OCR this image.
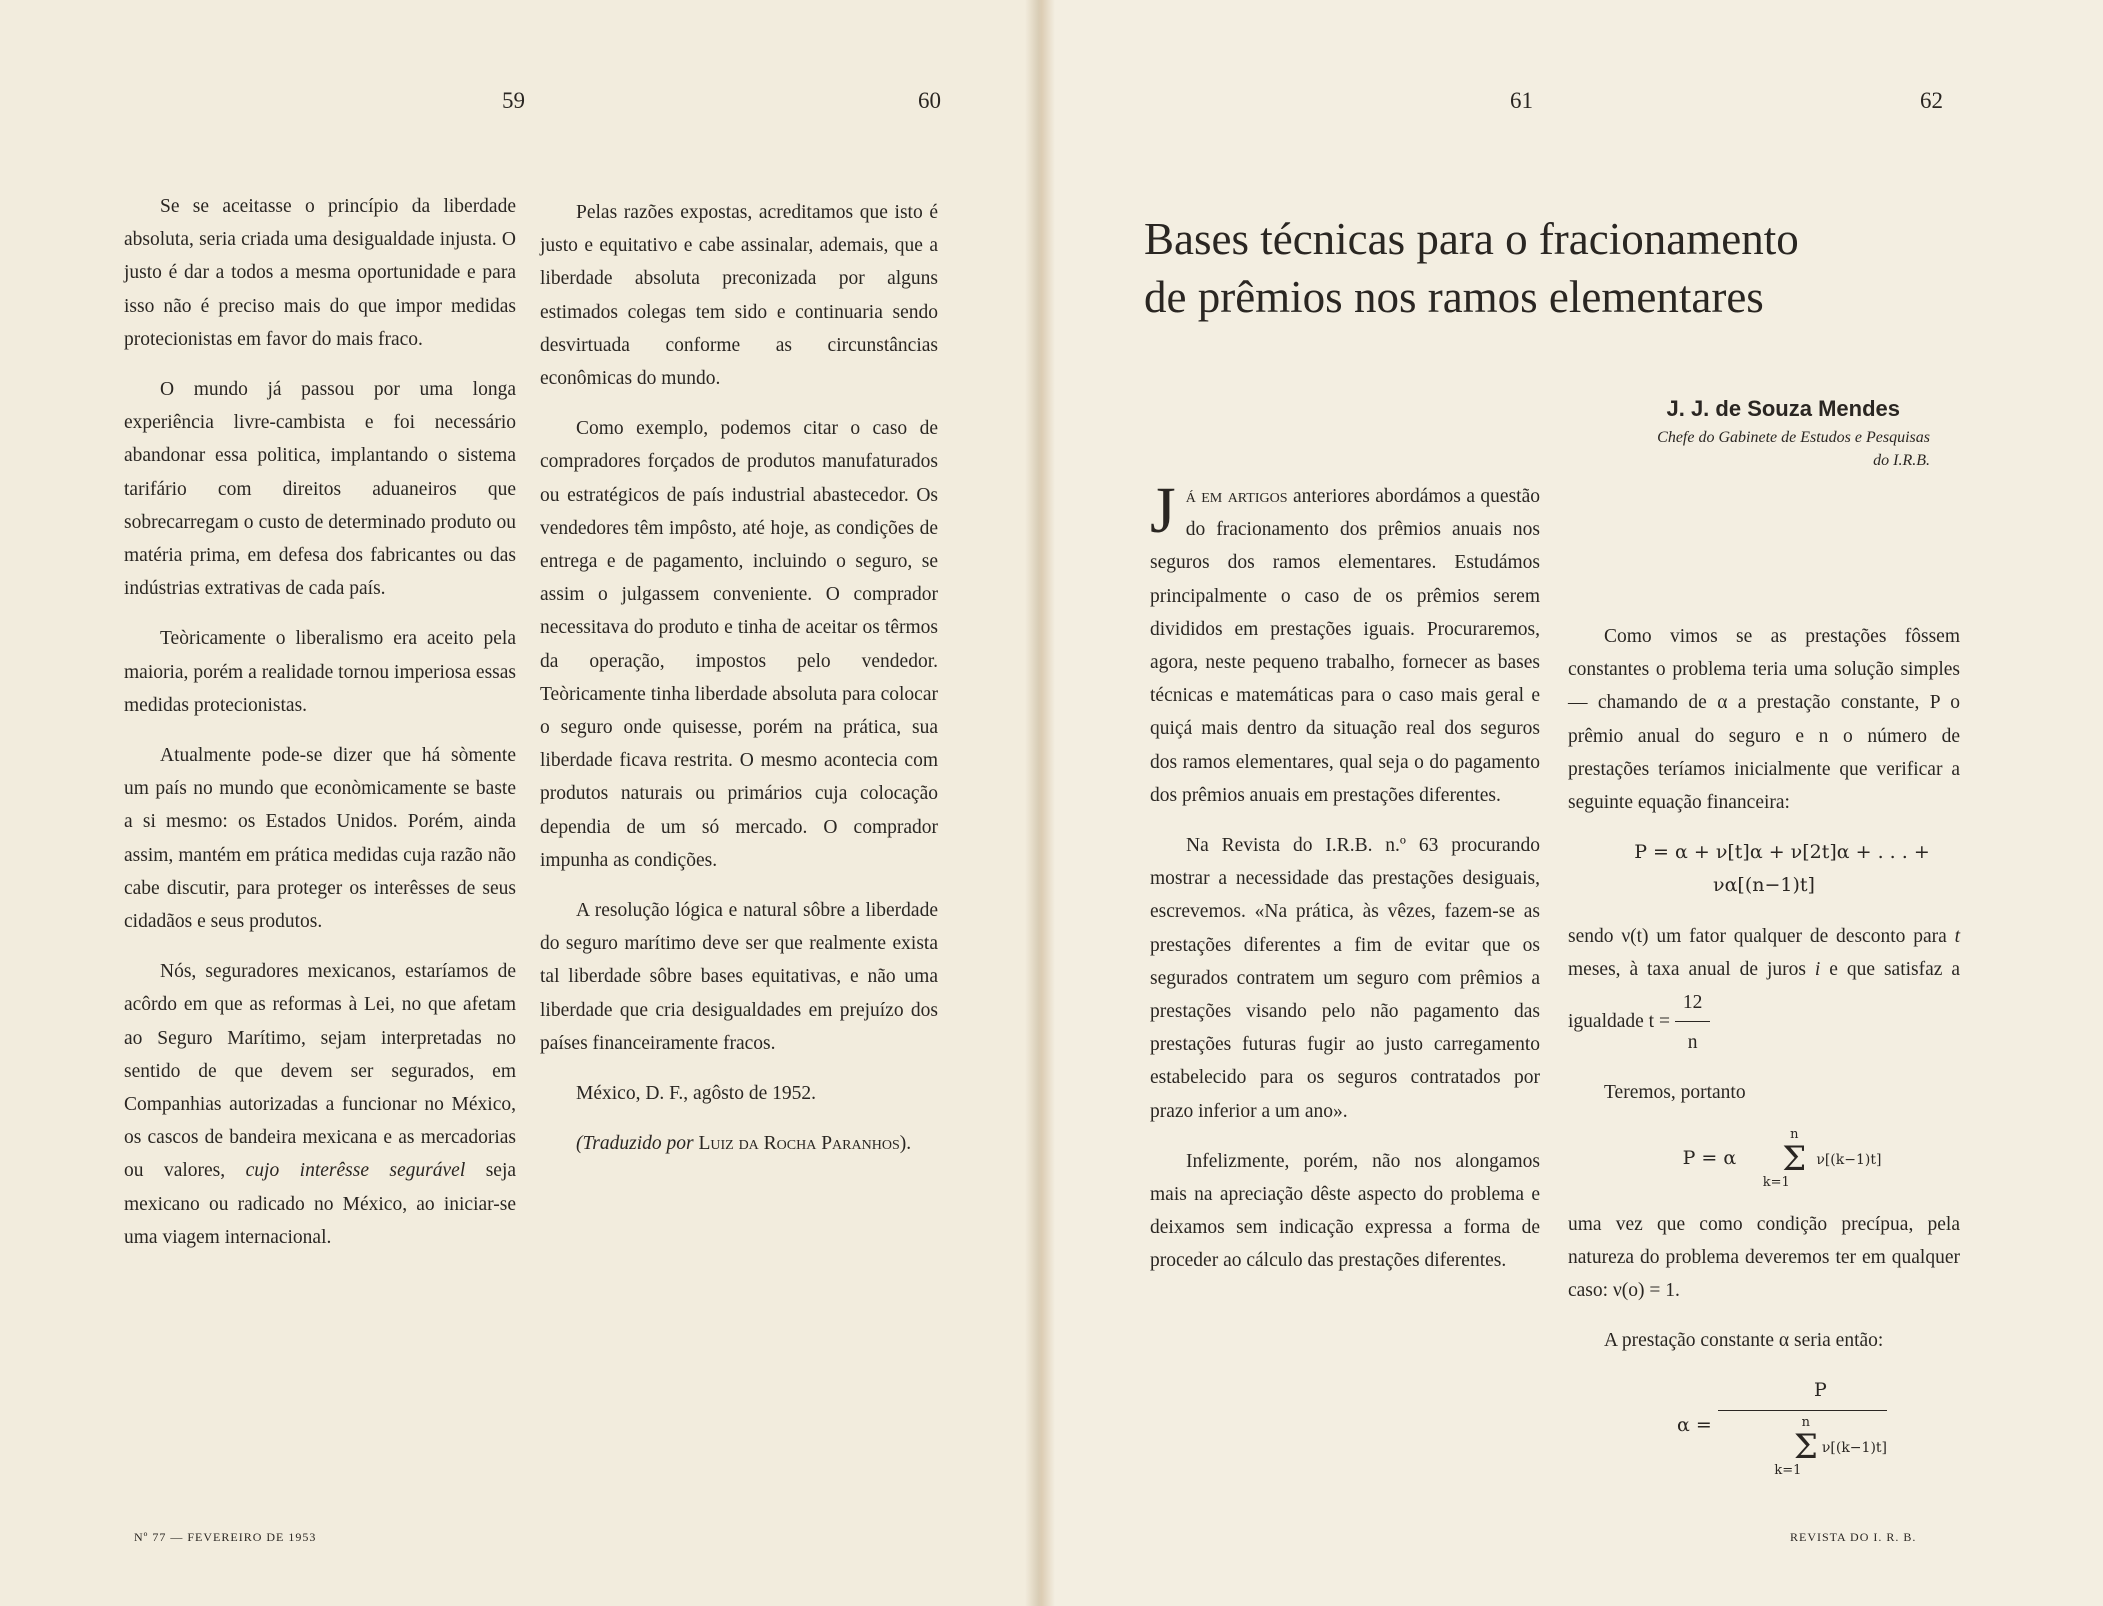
59	60

Se se aceitasse o princípio da liberdade absoluta, seria criada uma desigualdade injusta. O justo é dar a todos a mesma oportunidade e para isso não é preciso mais do que impor medidas protecionistas em favor do mais fraco.

O mundo já passou por uma longa experiência livre-cambista e foi necessário abandonar essa politica, implantando o sistema tarifário com direitos aduaneiros que sobrecarregam o custo de determinado produto ou matéria prima, em defesa dos fabricantes ou das indústrias extrativas de cada país.

Teòricamente o liberalismo era aceito pela maioria, porém a realidade tornou imperiosa essas medidas protecionistas.

Atualmente pode-se dizer que há sòmente um país no mundo que econòmicamente se baste a si mesmo: os Estados Unidos. Porém, ainda assim, mantém em prática medidas cuja razão não cabe discutir, para proteger os interêsses de seus cidadãos e seus produtos.

Nós, seguradores mexicanos, estaríamos de acôrdo em que as reformas à Lei, no que afetam ao Seguro Marítimo, sejam interpretadas no sentido de que devem ser segurados, em Companhias autorizadas a funcionar no México, os cascos de bandeira mexicana e as mercadorias ou valores, cujo interêsse segurável seja mexicano ou radicado no México, ao iniciar-se uma viagem internacional.

Pelas razões expostas, acreditamos que isto é justo e equitativo e cabe assinalar, ademais, que a liberdade absoluta preconizada por alguns estimados colegas tem sido e continuaria sendo desvirtuada conforme as circunstâncias econômicas do mundo.

Como exemplo, podemos citar o caso de compradores forçados de produtos manufaturados ou estratégicos de país industrial abastecedor. Os vendedores têm impôsto, até hoje, as condições de entrega e de pagamento, incluindo o seguro, se assim o julgassem conveniente. O comprador necessitava do produto e tinha de aceitar os têrmos da operação, impostos pelo vendedor. Teòricamente tinha liberdade absoluta para colocar o seguro onde quisesse, porém na prática, sua liberdade ficava restrita. O mesmo acontecia com produtos naturais ou primários cuja colocação dependia de um só mercado. O comprador impunha as condições.

A resolução lógica e natural sôbre a liberdade do seguro marítimo deve ser que realmente exista tal liberdade sôbre bases equitativas, e não uma liberdade que cria desigualdades em prejuízo dos países financeiramente fracos.

México, D. F., agôsto de 1952.

(Traduzido por Luiz da Rocha Paranhos).

Nº 77 — FEVEREIRO DE 1953
61	62
Bases técnicas para o fracionamento de prêmios nos ramos elementares
J. J. de Souza Mendes
Chefe do Gabinete de Estudos e Pesquisas
do I.R.B.

Já em artigos anteriores abordámos a questão do fracionamento dos prêmios anuais nos seguros dos ramos elementares. Estudámos principalmente o caso de os prêmios serem divididos em prestações iguais. Procuraremos, agora, neste pequeno trabalho, fornecer as bases técnicas e matemáticas para o caso mais geral e quiçá mais dentro da situação real dos seguros dos ramos elementares, qual seja o do pagamento dos prêmios anuais em prestações diferentes.

Na Revista do I.R.B. n.º 63 procurando mostrar a necessidade das prestações desiguais, escrevemos. «Na prática, às vêzes, fazem-se as prestações diferentes a fim de evitar que os segurados contratem um seguro com prêmios a prestações visando pelo não pagamento das prestações futuras fugir ao justo carregamento estabelecido para os seguros contratados por prazo inferior a um ano».

Infelizmente, porém, não nos alongamos mais na apreciação dêste aspecto do problema e deixamos sem indicação expressa a forma de proceder ao cálculo das prestações diferentes.

Como vimos se as prestações fôssem constantes o problema teria uma solução simples — chamando de α a prestação constante, P o prêmio anual do seguro e n o número de prestações teríamos inicialmente que verificar a seguinte equação financeira:

P = α + ν[t]α + ν[2t]α + . . . + να[(n−1)t]

sendo ν(t) um fator qualquer de desconto para t meses, à taxa anual de juros i e que satisfaz a igualdade $t = \frac{12}{n}$

Teremos, portanto

P = α n
Σ
k=1 ν[(k−1)t]

uma vez que como condição precípua, pela natureza do problema deveremos ter em qualquer caso: ν(o) = 1.

A prestação constante α seria então:

α = P
n
Σ
k=1ν[(k−1)t]

REVISTA DO I. R. B.
